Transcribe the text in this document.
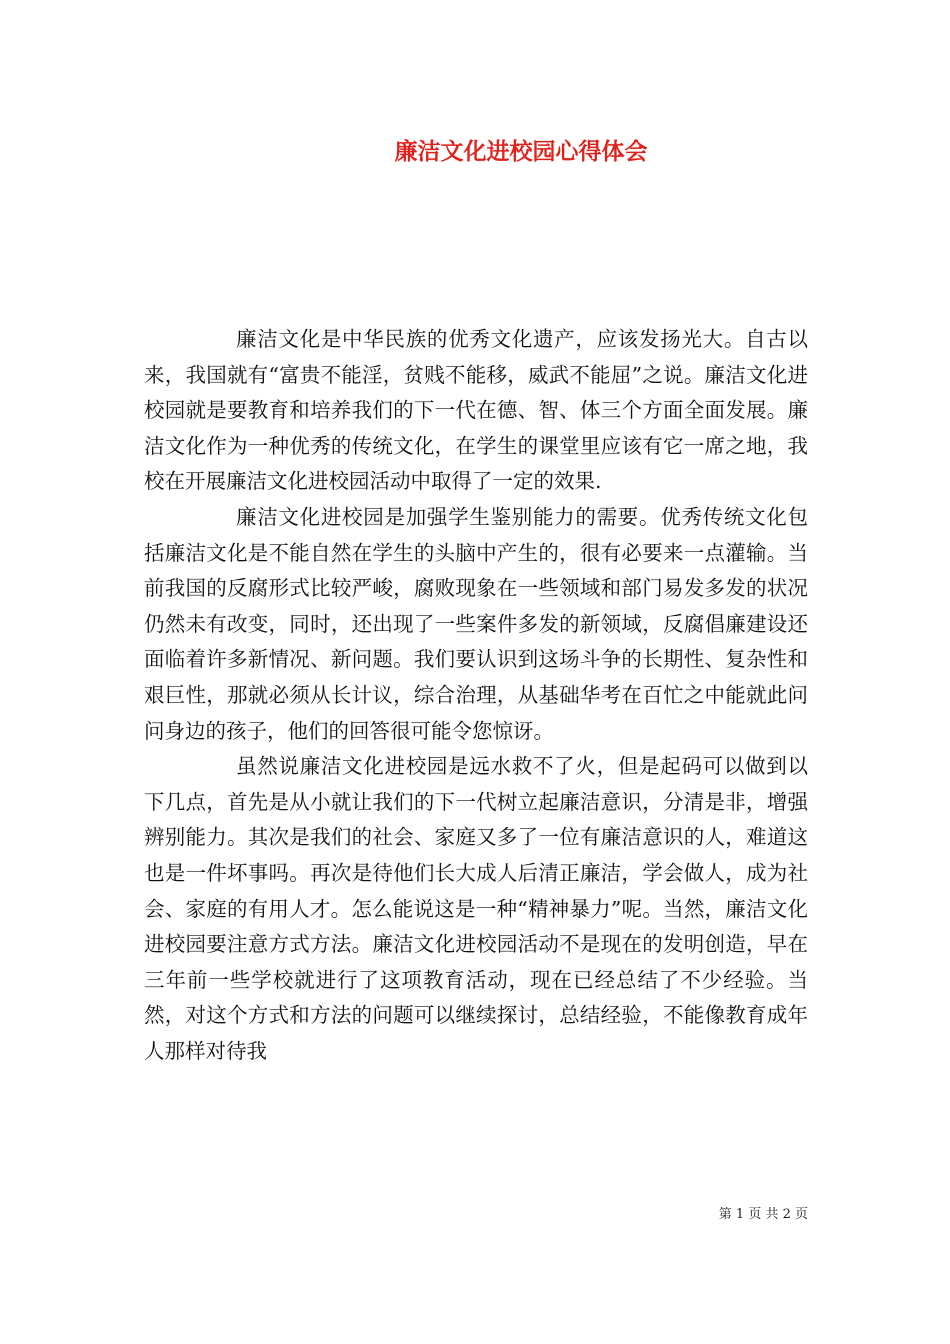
廉洁文化进校园心得体会

廉洁文化是中华民族的优秀文化遗产，应该发扬光大。自古以来，我国就有“富贵不能淫，贫贱不能移，威武不能屈”之说。廉洁文化进校园就是要教育和培养我们的下一代在德、智、体三个方面全面发展。廉洁文化作为一种优秀的传统文化，在学生的课堂里应该有它一席之地，我校在开展廉洁文化进校园活动中取得了一定的效果.

廉洁文化进校园是加强学生鉴别能力的需要。优秀传统文化包括廉洁文化是不能自然在学生的头脑中产生的，很有必要来一点灌输。当前我国的反腐形式比较严峻，腐败现象在一些领域和部门易发多发的状况仍然未有改变，同时，还出现了一些案件多发的新领域，反腐倡廉建设还面临着许多新情况、新问题。我们要认识到这场斗争的长期性、复杂性和艰巨性，那就必须从长计议，综合治理，从基础华考在百忙之中能就此问问身边的孩子，他们的回答很可能令您惊讶。

虽然说廉洁文化进校园是远水救不了火，但是起码可以做到以下几点，首先是从小就让我们的下一代树立起廉洁意识，分清是非，增强辨别能力。其次是我们的社会、家庭又多了一位有廉洁意识的人，难道这也是一件坏事吗。再次是待他们长大成人后清正廉洁，学会做人，成为社会、家庭的有用人才。怎么能说这是一种“精神暴力”呢。当然，廉洁文化进校园要注意方式方法。廉洁文化进校园活动不是现在的发明创造，早在三年前一些学校就进行了这项教育活动，现在已经总结了不少经验。当然，对这个方式和方法的问题可以继续探讨，总结经验，不能像教育成年人那样对待我

第 1 页 共 2 页
